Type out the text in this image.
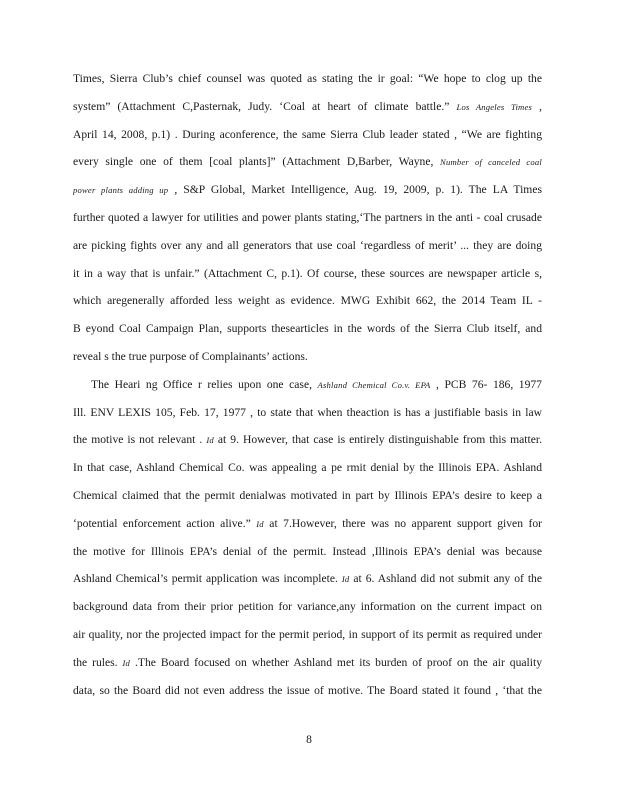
Times, Sierra Club’s chief counsel was quoted as stating the ir goal: “We hope to clog up the
system” (Attachment C,Pasternak, Judy. ‘Coal at heart of climate battle.” Los Angeles Times ,
April 14, 2008, p.1) . During aconference, the same Sierra Club leader stated , “We are fighting
every single one of them [coal plants]” (Attachment D,Barber, Wayne, Number of canceled coal
power plants adding up , S&P Global, Market Intelligence, Aug. 19, 2009, p. 1). The LA Times
further quoted a lawyer for utilities and power plants stating,‘The partners in the anti - coal crusade
are picking fights over any and all generators that use coal ‘regardless of merit’ ... they are doing
it in a way that is unfair.” (Attachment C, p.1). Of course, these sources are newspaper article s,
which aregenerally afforded less weight as evidence. MWG Exhibit 662, the 2014 Team IL -
B eyond Coal Campaign Plan, supports thesearticles in the words of the Sierra Club itself, and
reveal s the true purpose of Complainants’ actions.
The Heari ng Office r relies upon one case, Ashland Chemical Co.v. EPA , PCB 76- 186, 1977
Ill. ENV LEXIS 105, Feb. 17, 1977 , to state that when theaction is has a justifiable basis in law
the motive is not relevant . Id at 9. However, that case is entirely distinguishable from this matter.
In that case, Ashland Chemical Co. was appealing a pe rmit denial by the Illinois EPA. Ashland
Chemical claimed that the permit denialwas motivated in part by Illinois EPA’s desire to keep a
‘potential enforcement action alive.” Id at 7.However, there was no apparent support given for
the motive for Illinois EPA’s denial of the permit. Instead ,Illinois EPA’s denial was because
Ashland Chemical’s permit application was incomplete. Id at 6. Ashland did not submit any of the
background data from their prior petition for variance,any information on the current impact on
air quality, nor the projected impact for the permit period, in support of its permit as required under
the rules. Id .The Board focused on whether Ashland met its burden of proof on the air quality
data, so the Board did not even address the issue of motive. The Board stated it found , ‘that the
8
